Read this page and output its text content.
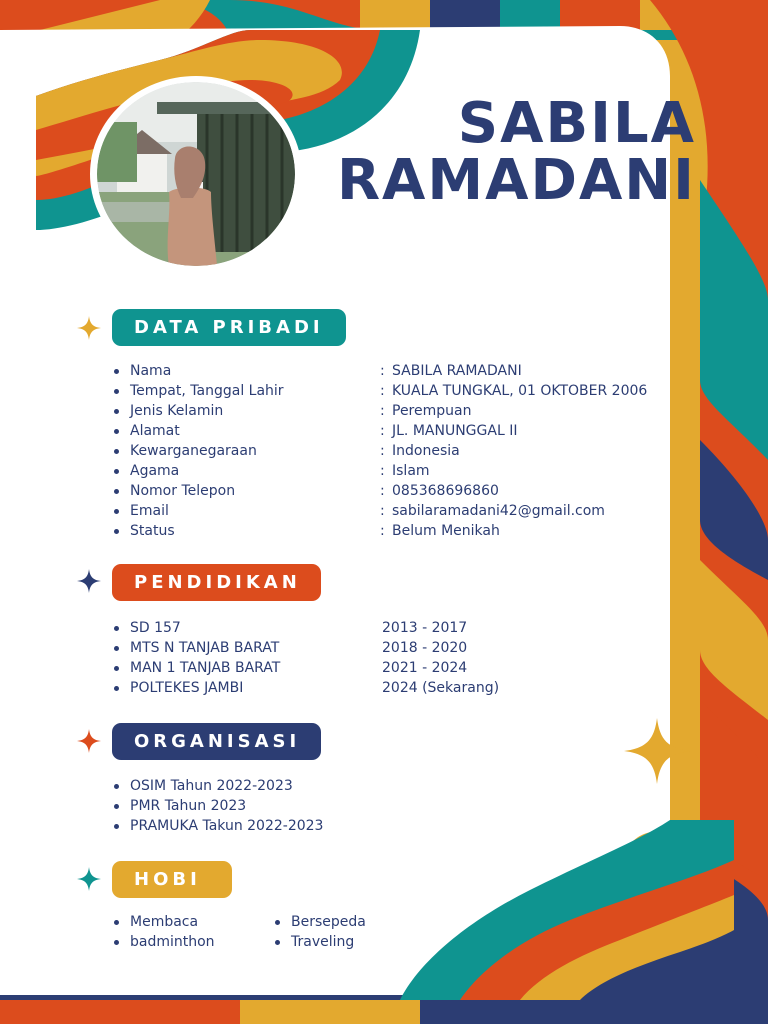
SABILA
RAMADANI
DATA PRIBADI
Nama
Tempat, Tanggal Lahir
Jenis Kelamin
Alamat
Kewarganegaraan
Agama
Nomor Telepon
Email
Status
: SABILA RAMADANI
: KUALA TUNGKAL, 01 OKTOBER 2006
: Perempuan
: JL. MANUNGGAL II
: Indonesia
: Islam
: 085368696860
: sabilaramadani42@gmail.com
: Belum Menikah
PENDIDIKAN
SD 157
MTS N TANJAB BARAT
MAN 1 TANJAB BARAT
POLTEKES JAMBI
2013 - 2017
2018 - 2020
2021 - 2024
2024 (Sekarang)
ORGANISASI
OSIM Tahun 2022-2023
PMR Tahun 2023
PRAMUKA Takun 2022-2023
HOBI
Membaca
badminthon
Bersepeda
Traveling
